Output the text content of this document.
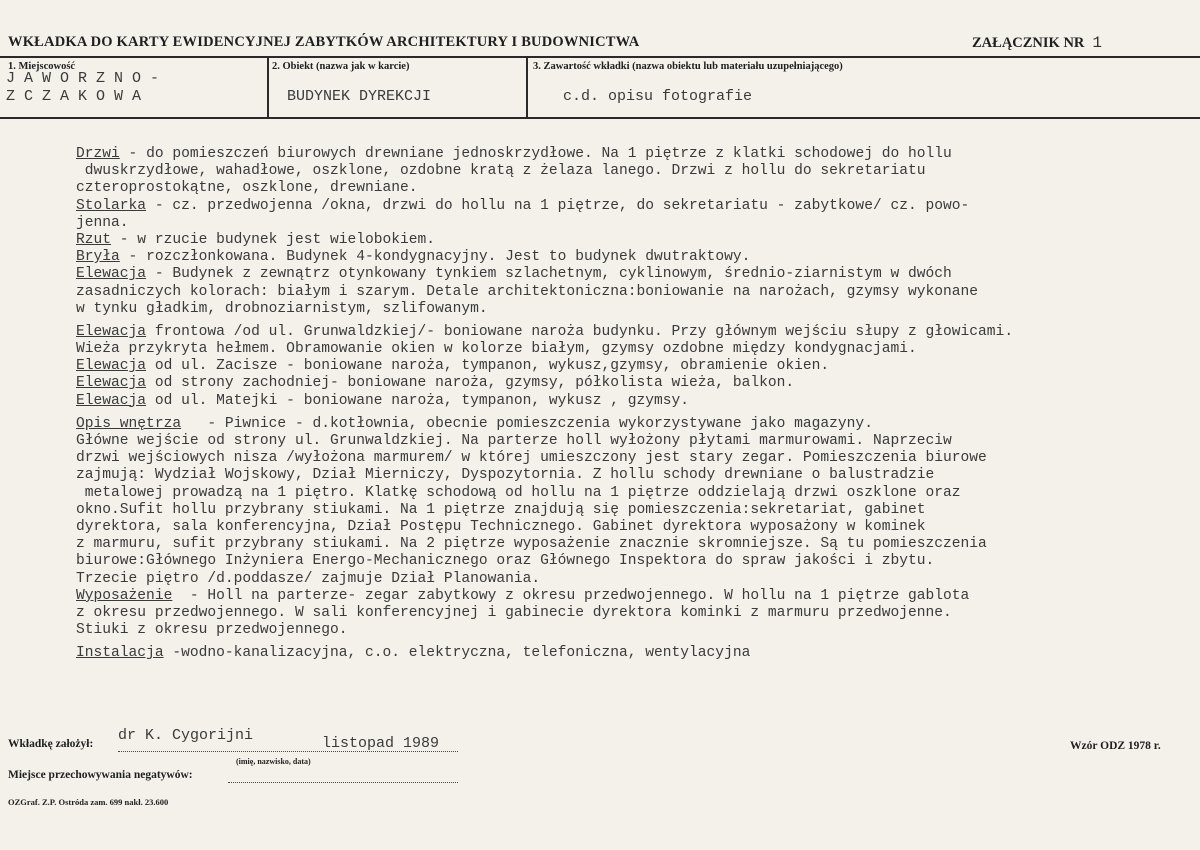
WKŁADKA DO KARTY EWIDENCYJNEJ ZABYTKÓW ARCHITEKTURY I BUDOWNICTWA	ZAŁĄCZNIK NR 1
1. Miejscowość
J A W O R Z N O -
Z C Z A K O W A
2. Obiekt (nazwa jak w karcie)
BUDYNEK DYREKCJI
3. Zawartość wkładki (nazwa obiektu lub materiału uzupełniającego)
c.d. opisu fotografie
Drzwi - do pomieszczeń biurowych drewniane jednoskrzydłowe. Na 1 piętrze z klatki schodowej do hollu
dwuskrzydłowe, wahadłowe, oszklone, ozdobne kratą z żelaza lanego. Drzwi z hollu do sekretariatu
czteroprostokątne, oszklone, drewniane.
Stolarka - cz. przedwojenna /okna, drzwi do hollu na 1 piętrze, do sekretariatu - zabytkowe/ cz. powo-
jenna.
Rzut - w rzucie budynek jest wielobokiem.
Bryła - rozczłonkowana. Budynek 4-kondygnacyjny. Jest to budynek dwutraktowy.
Elewacja - Budynek z zewnątrz otynkowany tynkiem szlachetnym, cyklinowym, średnio-ziarnistym w dwóch
zasadniczych kolorach: białym i szarym. Detale architektoniczna:boniowanie na narożach, gzymsy wykonane
w tynku gładkim, drobnoziarnistym, szlifowanym.
Elewacja frontowa /od ul. Grunwaldzkiej/- boniowane naroża budynku. Przy głównym wejściu słupy z głowicami.
Wieża przykryta hełmem. Obramowanie okien w kolorze białym, gzymsy ozdobne między kondygnacjami.
Elewacja od ul. Zacisze - boniowane naroża, tympanon, wykusz,gzymsy, obramienie okien.
Elewacja od strony zachodniej- boniowane naroża, gzymsy, półkolista wieża, balkon.
Elewacja od ul. Matejki - boniowane naroża, tympanon, wykusz , gzymsy.
Opis wnętrza   - Piwnice - d.kotłownia, obecnie pomieszczenia wykorzystywane jako magazyny.
Główne wejście od strony ul. Grunwaldzkiej. Na parterze holl wyłożony płytami marmurowami. Naprzeciw
drzwi wejściowych nisza /wyłożona marmurem/ w której umieszczony jest stary zegar. Pomieszczenia biurowe
zajmują: Wydział Wojskowy, Dział Mierniczy, Dyspozytornia. Z hollu schody drewniane o balustradzie
metalowej prowadzą na 1 piętro. Klatkę schodową od hollu na 1 piętrze oddzielają drzwi oszklone oraz
okno.Sufit hollu przybrany stiukami. Na 1 piętrze znajdują się pomieszczenia:sekretariat, gabinet
dyrektora, sala konferencyjna, Dział Postępu Technicznego. Gabinet dyrektora wyposażony w kominek
z marmuru, sufit przybrany stiukami. Na 2 piętrze wyposażenie znacznie skromniejsze. Są tu pomieszczenia
biurowe:Głównego Inżyniera Energo-Mechanicznego oraz Głównego Inspektora do spraw jakości i zbytu.
Trzecie piętro /d.poddasze/ zajmuje Dział Planowania.
Wyposażenie  - Holl na parterze- zegar zabytkowy z okresu przedwojennego. W hollu na 1 piętrze gablota
z okresu przedwojennego. W sali konferencyjnej i gabinecie dyrektora kominki z marmuru przedwojenne.
Stiuki z okresu przedwojennego.
Instalacja -wodno-kanalizacyjna, c.o. elektryczna, telefoniczna, wentylacyjna
Wkładkę założył: dr K. Cygorijni	listopad 1989
(imię, nazwisko, data)
Wzór ODZ 1978 r.
Miejsce przechowywania negatywów:
OZGraf. Z.P. Ostróda zam. 699 nakł. 23.600
